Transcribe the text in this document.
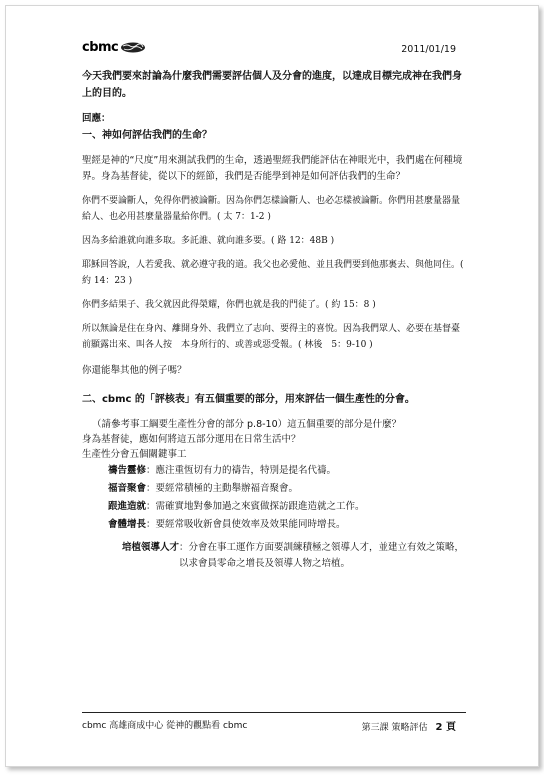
cbmc	2011/01/19

今天我們要來討論為什麼我們需要評估個人及分會的進度，以達成目標完成神在我們身上的目的。

回應：

一、神如何評估我們的生命？

聖經是神的“尺度”用來測試我們的生命，透過聖經我們能評估在神眼光中，我們處在何種境界。身為基督徒，從以下的經節，我們是否能學到神是如何評估我們的生命？

你們不要論斷人，免得你們被論斷。因為你們怎樣論斷人、也必怎樣被論斷。你們用甚麼量器量給人、也必用甚麼量器量給你們。( 太 7：1-2 )

因為多給誰就向誰多取。多託誰、就向誰多要。( 路 12：48B )

耶穌回答說，人若愛我、就必遵守我的道。我父也必愛他、並且我們要到他那裏去、與他同住。( 約 14：23 )

你們多結果子、我父就因此得榮耀，你們也就是我的門徒了。( 約 15：8 )

所以無論是住在身內、離開身外、我們立了志向、要得主的喜悅。因為我們眾人、必要在基督臺前顯露出來、叫各人按　本身所行的、或善或惡受報。( 林後　5：9-10 )

你還能舉其他的例子嗎？

二、cbmc 的「評核表」有五個重要的部分，用來評估一個生產性的分會。

（請參考事工綱要生產性分會的部分 p.8-10）這五個重要的部分是什麼？

身為基督徒，應如何將這五部分運用在日常生活中？

生產性分會五個關鍵事工

禱告靈修：應注重恆切有力的禱告，特別是提名代禱。
福音聚會：要經常積極的主動舉辦福音聚會。
跟進造就：需確實地對參加過之來賓做探訪跟進造就之工作。
會體增長：要經常吸收新會員使效率及效果能同時增長。
培植領導人才 ：分會在事工運作方面要訓練積極之領導人才，並建立有效之策略，以求會員零命之增長及領導人物之培植。
cbmc 高雄商成中心 從神的觀點看 cbmc	第三課 策略評估 2 頁
